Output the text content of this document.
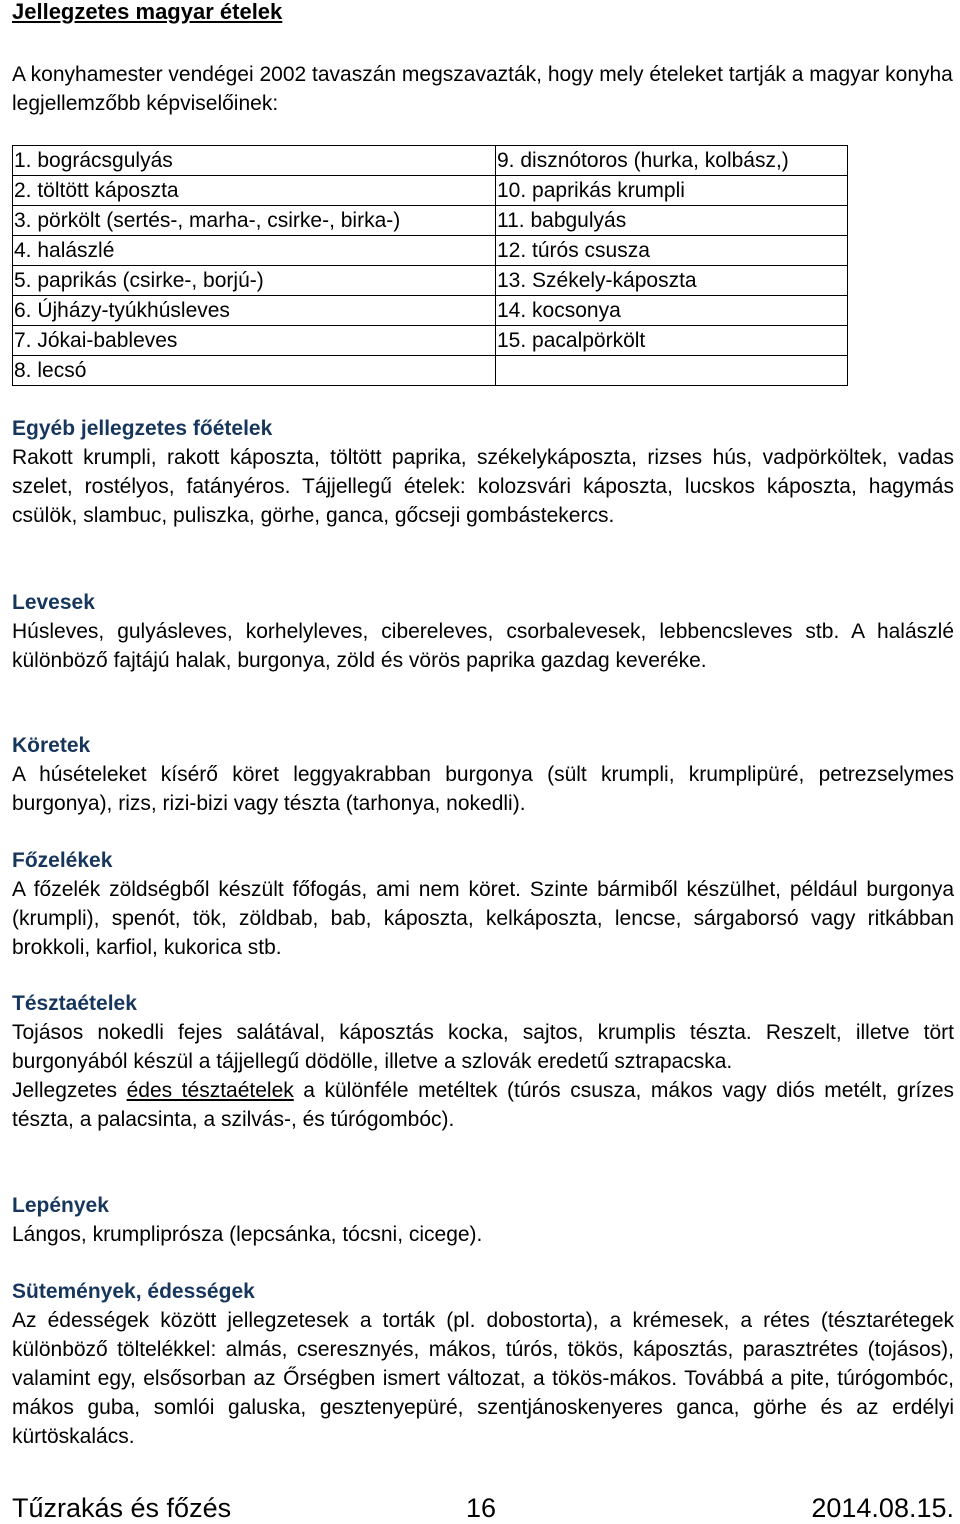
Jellegzetes magyar ételek

A konyhamester vendégei 2002 tavaszán megszavazták, hogy mely ételeket tartják a magyar konyha legjellemzőbb képviselőinek:

1. bográcsgulyás	9. disznótoros (hurka, kolbász,)
2. töltött káposzta	10. paprikás krumpli
3. pörkölt (sertés-, marha-, csirke-, birka-)	11. babgulyás
4. halászlé	12. túrós csusza
5. paprikás (csirke-, borjú-)	13. Székely-káposzta
6. Újházy-tyúkhúsleves	14. kocsonya
7. Jókai-bableves	15. pacalpörkölt
8. lecsó	
Egyéb jellegzetes főételek

Rakott krumpli, rakott káposzta, töltött paprika, székelykáposzta, rizses hús, vadpörköltek, vadas szelet, rostélyos, fatányéros. Tájjellegű ételek: kolozsvári káposzta, lucskos káposzta, hagymás csülök, slambuc, puliszka, görhe, ganca, gőcseji gombástekercs.

Levesek

Húsleves, gulyásleves, korhelyleves, cibereleves, csorbalevesek, lebbencsleves stb. A halászlé különböző fajtájú halak, burgonya, zöld és vörös paprika gazdag keveréke.

Köretek

A húsételeket kísérő köret leggyakrabban burgonya (sült krumpli, krumplipüré, petrezselymes burgonya), rizs, rizi-bizi vagy tészta (tarhonya, nokedli).

Főzelékek

A főzelék zöldségből készült főfogás, ami nem köret. Szinte bármiből készülhet, például burgonya (krumpli), spenót, tök, zöldbab, bab, káposzta, kelkáposzta, lencse, sárgaborsó vagy ritkábban brokkoli, karfiol, kukorica stb.

Tésztaételek

Tojásos nokedli fejes salátával, káposztás kocka, sajtos, krumplis tészta. Reszelt, illetve tört burgonyából készül a tájjellegű dödölle, illetve a szlovák eredetű sztrapacska.

Jellegzetes édes tésztaételek a különféle metéltek (túrós csusza, mákos vagy diós metélt, grízes tészta, a palacsinta, a szilvás-, és túrógombóc).

Lepények

Lángos, krumpliprósza (lepcsánka, tócsni, cicege).

Sütemények, édességek

Az édességek között jellegzetesek a torták (pl. dobostorta), a krémesek, a rétes (tésztarétegek különböző töltelékkel: almás, cseresznyés, mákos, túrós, tökös, káposztás, parasztrétes (tojásos), valamint egy, elsősorban az Őrségben ismert változat, a tökös-mákos. Továbbá a pite, túrógombóc, mákos guba, somlói galuska, gesztenyepüré, szentjánoskenyeres ganca, görhe és az erdélyi kürtöskalács.

Tűzrakás és főzés	16	2014.08.15.
